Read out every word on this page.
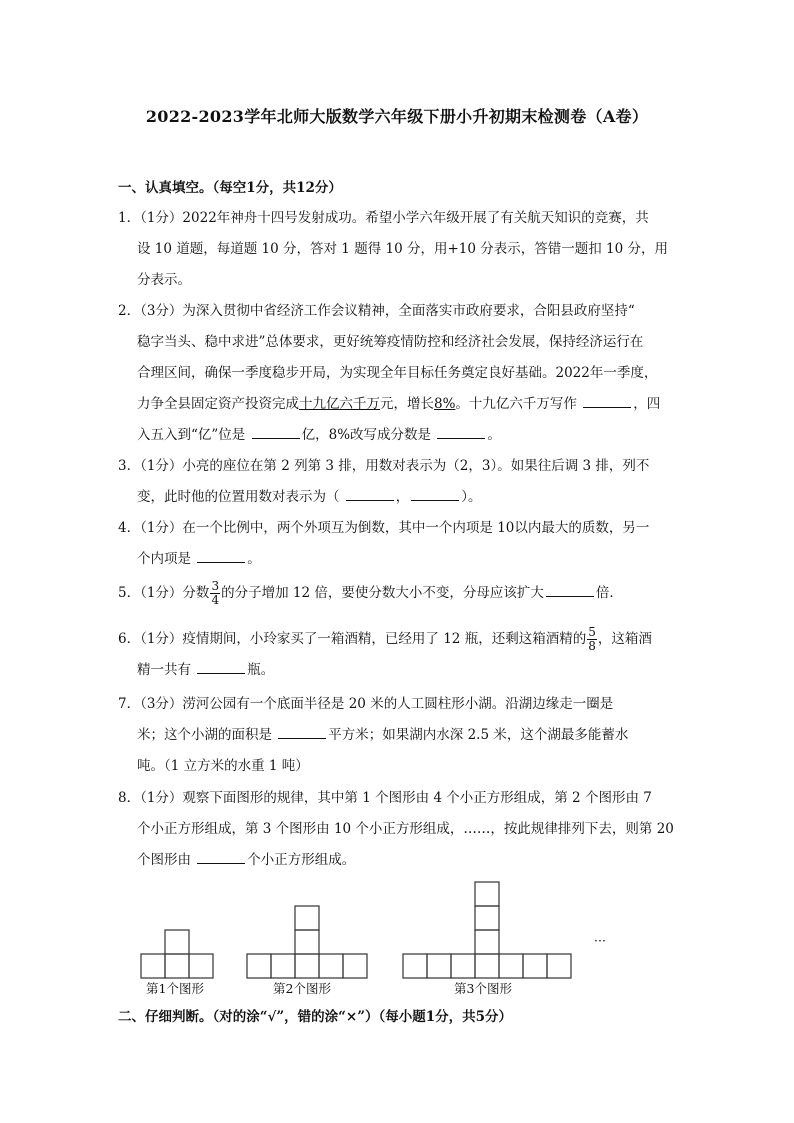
2022-2023学年北师大版数学六年级下册小升初期末检测卷（A卷）
一、认真填空。（每空1分，共12分）
1．（1分）2022年神舟十四号发射成功。希望小学六年级开展了有关航天知识的竞赛，共
设 10 道题，每道题 10 分，答对 1 题得 10 分，用+10 分表示，答错一题扣 10 分，用
分表示。
2．（3分）为深入贯彻中省经济工作会议精神，全面落实市政府要求，合阳县政府坚持“
稳字当头、稳中求进”总体要求，更好统筹疫情防控和经济社会发展，保持经济运行在
合理区间，确保一季度稳步开局，为实现全年目标任务奠定良好基础。2022年一季度，
力争全县固定资产投资完成十九亿六千万元，增长8%。十九亿六千万写作	，四
入五入到“亿”位是	亿，8%改写成分数是	。
3．（1分）小亮的座位在第 2 列第 3 排，用数对表示为（2，3）。如果往后调 3 排，列不
变，此时他的位置用数对表示为（	，	）。
4．（1分）在一个比例中，两个外项互为倒数，其中一个内项是 10以内最大的质数，另一
个内项是	。
5．（1分）分数 $\frac{3}{4}$ 的分子增加 12 倍，要使分数大小不变，分母应该扩大	倍．
6．（1分）疫情期间，小玲家买了一箱酒精，已经用了 12 瓶，还剩这箱酒精的 $\frac{5}{8}$ ，这箱酒
精一共有	瓶。
7．（3分）涝河公园有一个底面半径是 20 米的人工圆柱形小湖。沿湖边缘走一圈是
米；这个小湖的面积是	平方米；如果湖内水深 2.5 米，这个湖最多能蓄水
吨。（1 立方米的水重 1 吨）
8．（1分）观察下面图形的规律，其中第 1 个图形由 4 个小正方形组成，第 2 个图形由 7
个小正方形组成，第 3 个图形由 10 个小正方形组成，……，按此规律排列下去，则第 20
个图形由	个小正方形组成。
第1个图形	第2个图形	第3个图形
···
二、仔细判断。（对的涂“√”，错的涂“×”）（每小题1分，共5分）
